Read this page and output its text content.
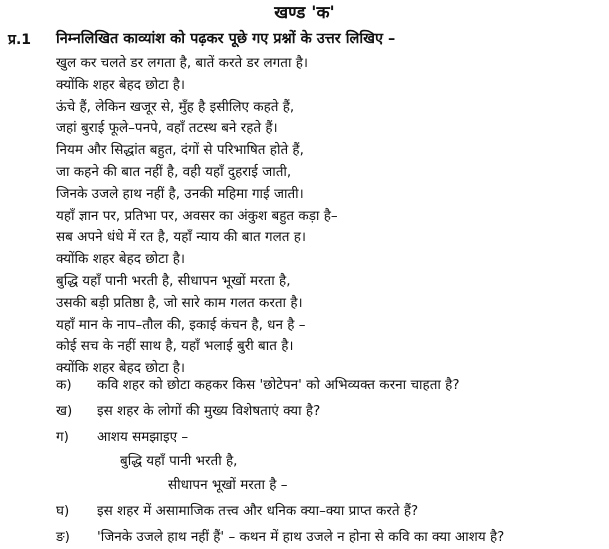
खण्ड 'क'
प्र.1 निम्नलिखित काव्यांश को पढ़कर पूछे गए प्रश्नों के उत्तर लिखिए –
खुल कर चलते डर लगता है, बातें करते डर लगता है।
क्योंकि शहर बेहद छोटा है।
ऊंचे हैं, लेकिन खजूर से, मुँह है इसीलिए कहते हैं,
जहां बुराई फूले–पनपे, वहाँ तटस्थ बने रहते हैं।
नियम और सिद्धांत बहुत, दंगों से परिभाषित होते हैं,
जा कहने की बात नहीं है, वही यहाँ दुहराई जाती,
जिनके उजले हाथ नहीं है, उनकी महिमा गाई जाती।
यहाँ ज्ञान पर, प्रतिभा पर, अवसर का अंकुश बहुत कड़ा है–
सब अपने धंधे में रत है, यहाँ न्याय की बात गलत ह।
क्योंकि शहर बेहद छोटा है।
बुद्धि यहाँ पानी भरती है, सीधापन भूखों मरता है,
उसकी बड़ी प्रतिष्ठा है, जो सारे काम गलत करता है।
यहाँ मान के नाप–तौल की, इकाई कंचन है, धन है –
कोई सच के नहीं साथ है, यहाँ भलाई बुरी बात है।
क्योंकि शहर बेहद छोटा है।
क) कवि शहर को छोटा कहकर किस 'छोटेपन' को अभिव्यक्त करना चाहता है?
ख) इस शहर के लोगों की मुख्य विशेषताएं क्या है?
ग) आशय समझाइए –
बुद्धि यहाँ पानी भरती है,
सीधापन भूखों मरता है –
घ) इस शहर में असामाजिक तत्त्व और धनिक क्या–क्या प्राप्त करते हैं?
ङ) 'जिनके उजले हाथ नहीं हैं' – कथन में हाथ उजले न होना से कवि का क्या आशय है?
